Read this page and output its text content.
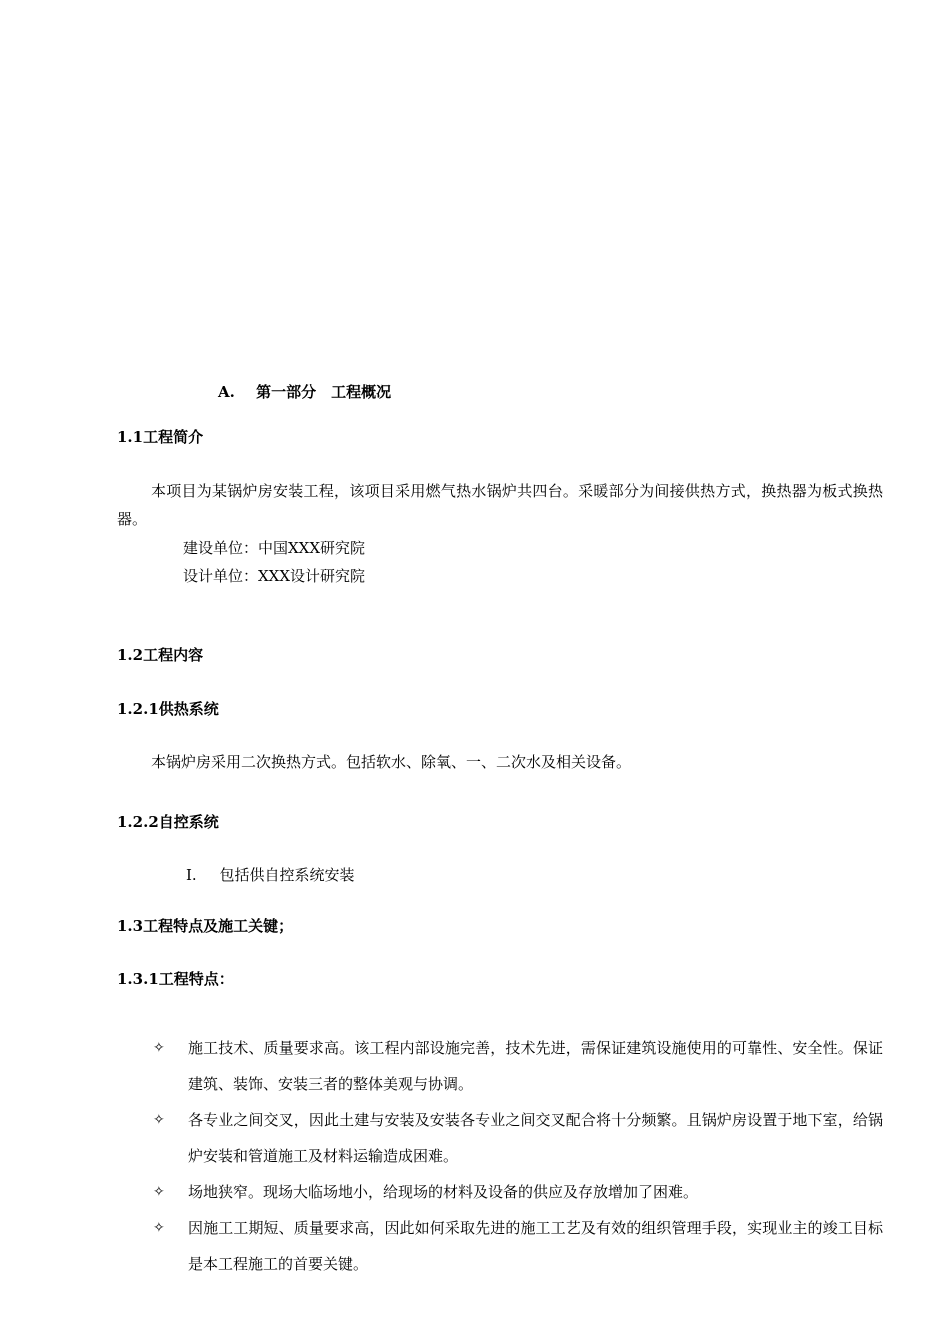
A. 第一部分　工程概况
1.1工程简介
本项目为某锅炉房安装工程，该项目采用燃气热水锅炉共四台。采暖部分为间接供热方式，换热器为板式换热器。
建设单位：中国XXX研究院
设计单位：XXX设计研究院
1.2工程内容
1.2.1供热系统
本锅炉房采用二次换热方式。包括软水、除氧、一、二次水及相关设备。
1.2.2自控系统
I. 包括供自控系统安装
1.3工程特点及施工关键；
1.3.1工程特点：
✧ 施工技术、质量要求高。该工程内部设施完善，技术先进，需保证建筑设施使用的可靠性、安全性。保证建筑、装饰、安装三者的整体美观与协调。
✧ 各专业之间交叉，因此土建与安装及安装各专业之间交叉配合将十分频繁。且锅炉房设置于地下室，给锅炉安装和管道施工及材料运输造成困难。
✧ 场地狭窄。现场大临场地小，给现场的材料及设备的供应及存放增加了困难。
✧ 因施工工期短、质量要求高，因此如何采取先进的施工工艺及有效的组织管理手段，实现业主的竣工目标是本工程施工的首要关键。
